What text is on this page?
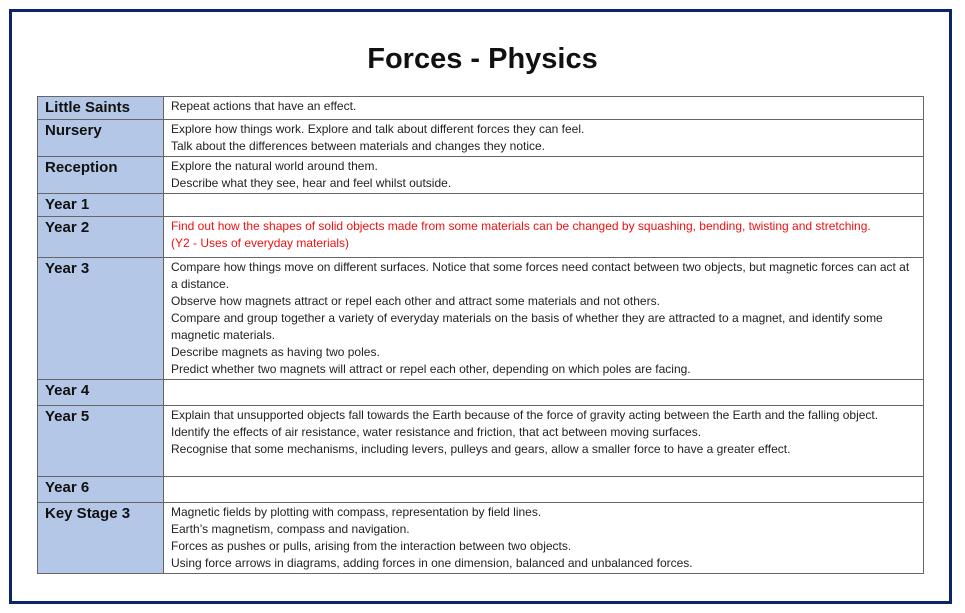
Forces - Physics
Little Saints	Repeat actions that have an effect.

Nursery	Explore how things work. Explore and talk about different forces they can feel.
Talk about the differences between materials and changes they notice.

Reception	Explore the natural world around them.
Describe what they see, hear and feel whilst outside.

Year 1	
Year 2	Find out how the shapes of solid objects made from some materials can be changed by squashing, bending, twisting and stretching.
(Y2 - Uses of everyday materials)

Year 3	Compare how things move on different surfaces. Notice that some forces need contact between two objects, but magnetic forces can act at a distance.
Observe how magnets attract or repel each other and attract some materials and not others.
Compare and group together a variety of everyday materials on the basis of whether they are attracted to a magnet, and identify some magnetic materials.
Describe magnets as having two poles.
Predict whether two magnets will attract or repel each other, depending on which poles are facing.

Year 4	
Year 5	Explain that unsupported objects fall towards the Earth because of the force of gravity acting between the Earth and the falling object.
Identify the effects of air resistance, water resistance and friction, that act between moving surfaces.
Recognise that some mechanisms, including levers, pulleys and gears, allow a smaller force to have a greater effect.

Year 6	
Key Stage 3	Magnetic fields by plotting with compass, representation by field lines.
Earth’s magnetism, compass and navigation.
Forces as pushes or pulls, arising from the interaction between two objects.
Using force arrows in diagrams, adding forces in one dimension, balanced and unbalanced forces.
